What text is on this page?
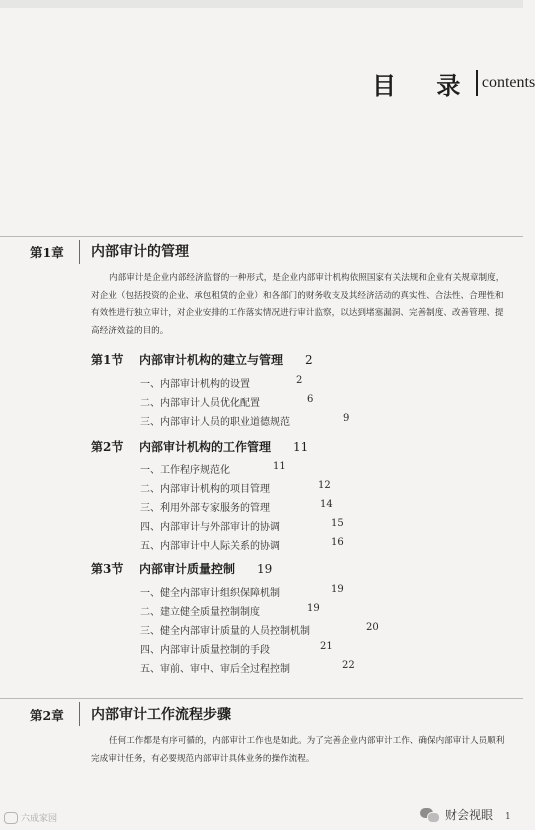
目 录 contents
第1章 内部审计的管理
内部审计是企业内部经济监督的一种形式，是企业内部审计机构依照国家有关法规和企业有关规章制度， 对企业（包括投资的企业、承包租赁的企业）和各部门的财务收支及其经济活动的真实性、合法性、合理性和有效性进行独立审计，对企业安排的工作落实情况进行审计监察，以达到堵塞漏洞、完善制度、改善管理、提高经济效益的目的。
第1节 内部审计机构的建立与管理 2
一、内部审计机构的设置	2
二、内部审计人员优化配置	6
三、内部审计人员的职业道德规范	9
第2节 内部审计机构的工作管理 11
一、工作程序规范化	11
二、内部审计机构的项目管理	12
三、利用外部专家服务的管理	14
四、内部审计与外部审计的协调	15
五、内部审计中人际关系的协调	16
第3节 内部审计质量控制 19
一、健全内部审计组织保障机制	19
二、建立健全质量控制制度	19
三、健全内部审计质量的人员控制机制	20
四、内部审计质量控制的手段	21
五、审前、审中、审后全过程控制	22
第2章 内部审计工作流程步骤
任何工作都是有序可循的，内部审计工作也是如此。为了完善企业内部审计工作、确保内部审计人员顺利完成审计任务，有必要规范内部审计具体业务的操作流程。
六成家园	财会视眼 1
